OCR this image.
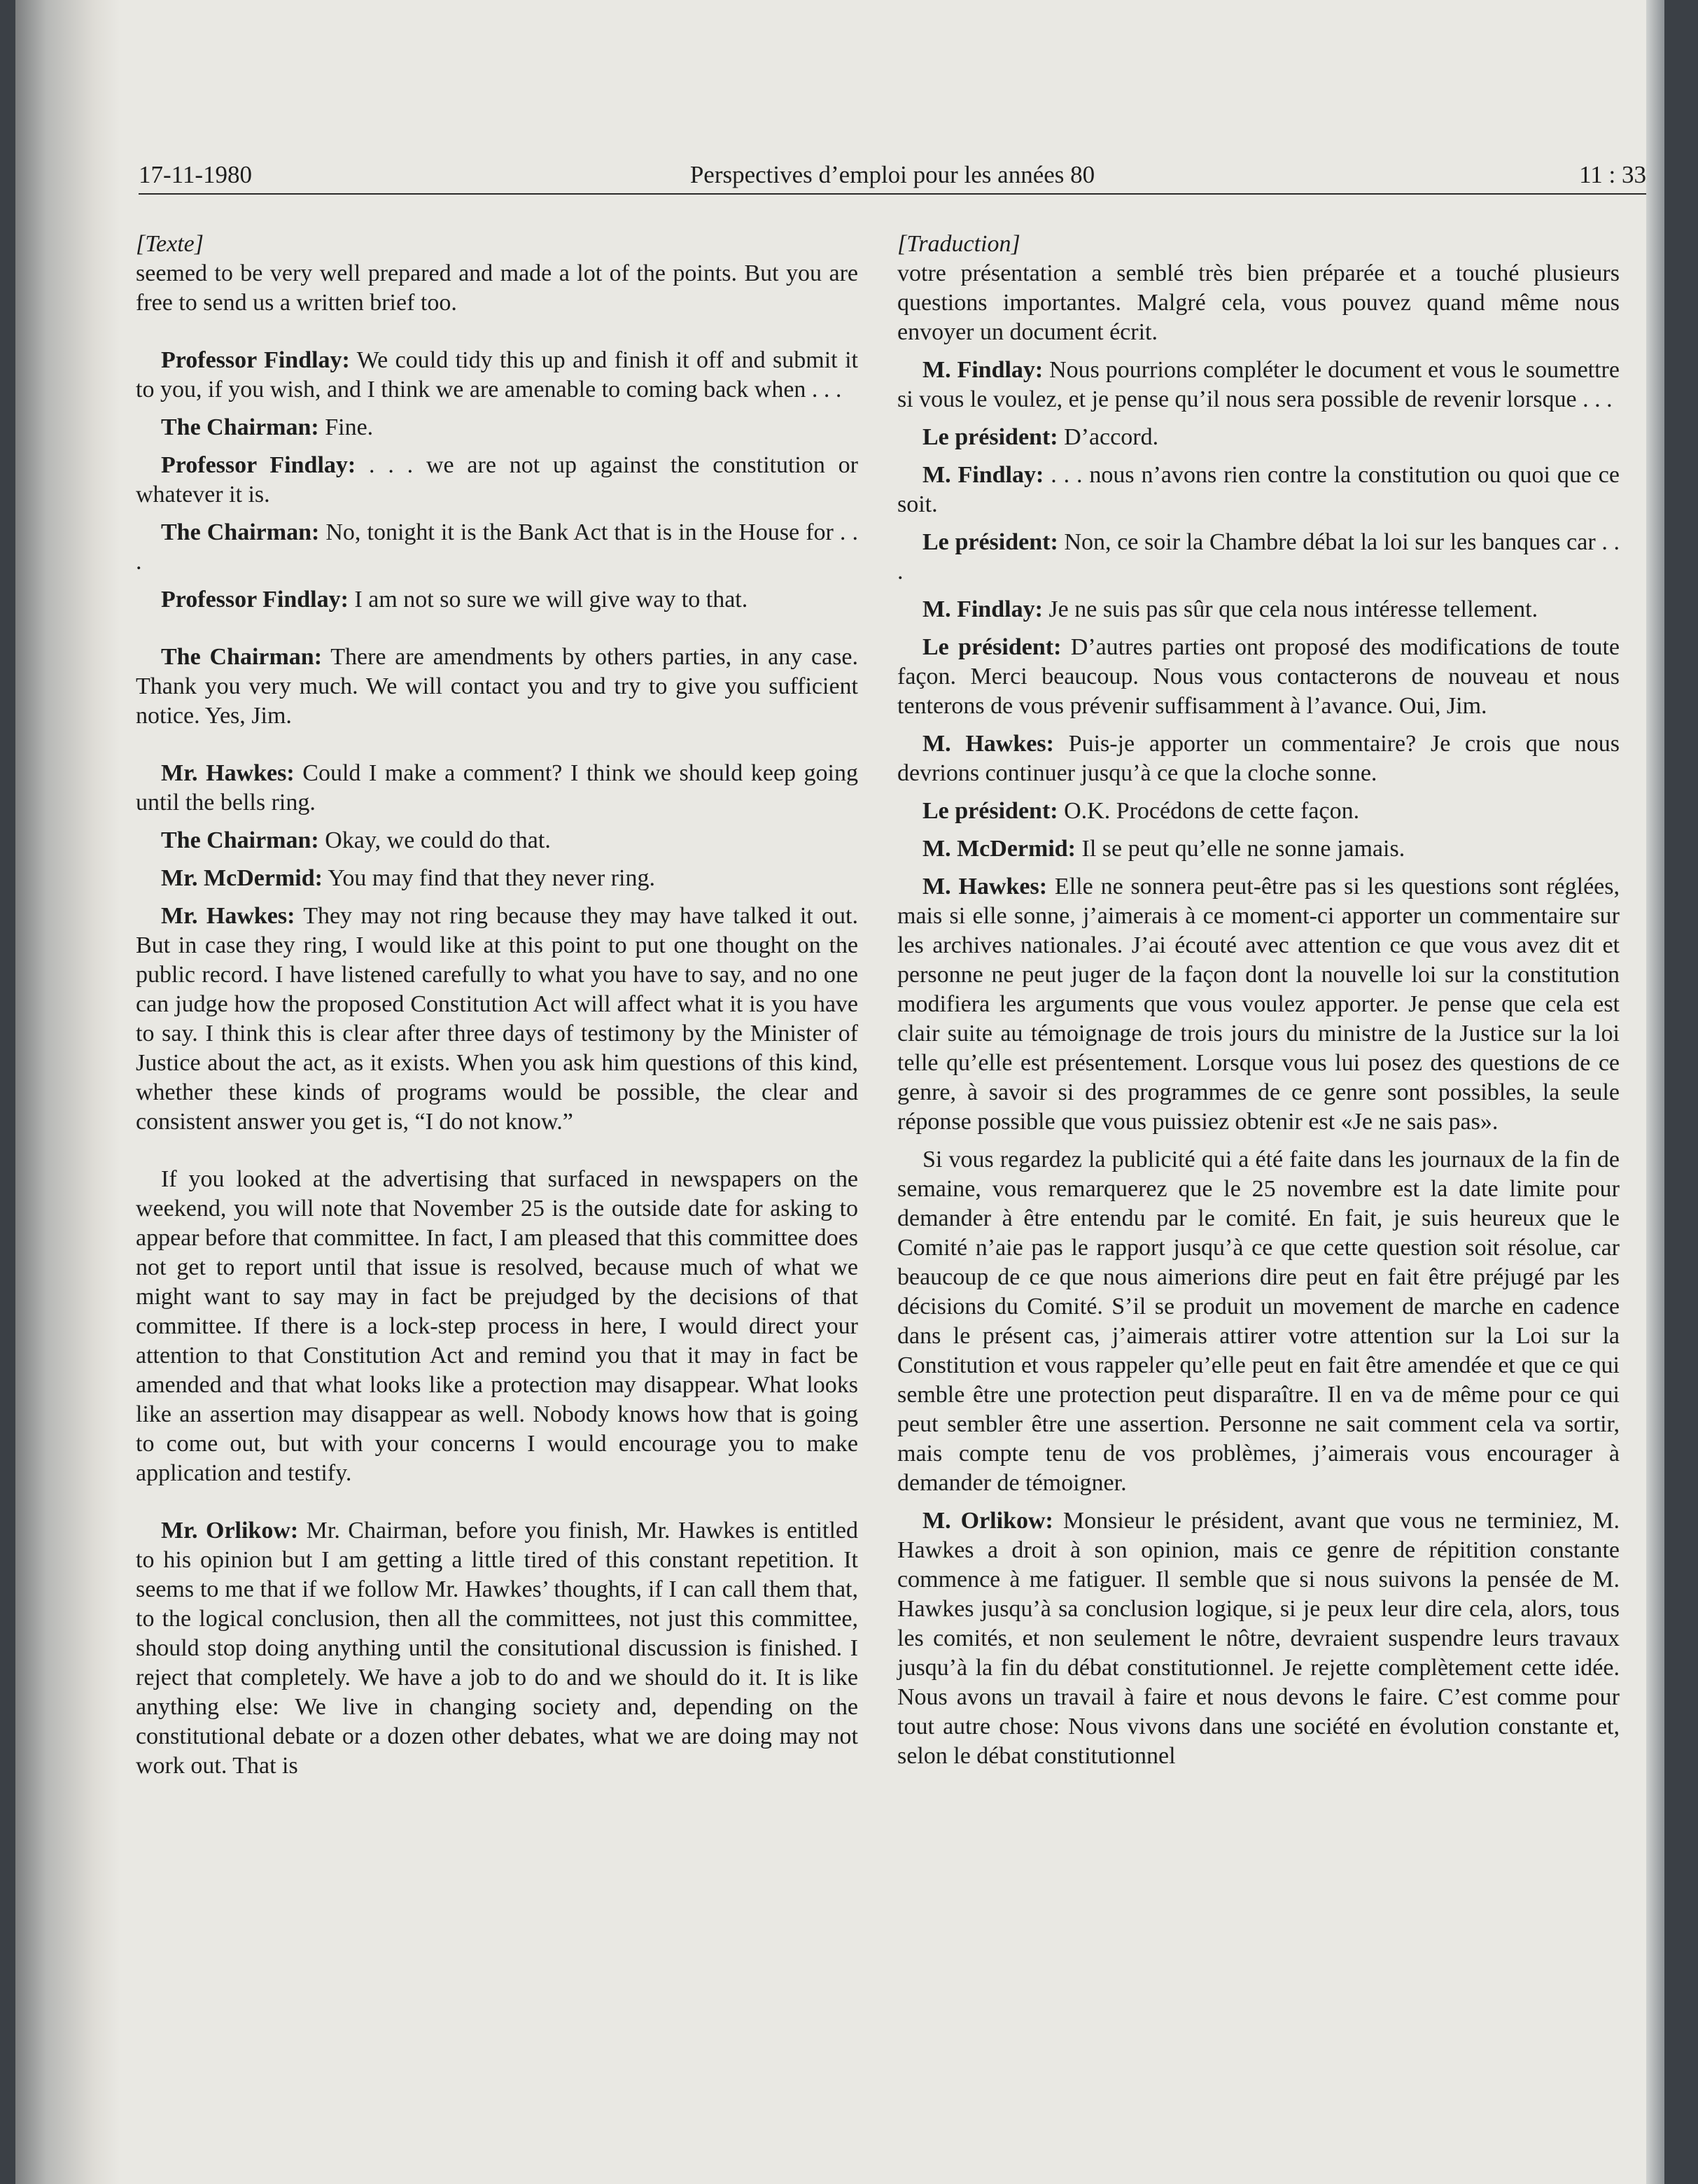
17-11-1980	Perspectives d’emploi pour les années 80	11 : 33

[Texte]

seemed to be very well prepared and made a lot of the points. But you are free to send us a written brief too.

Professor Findlay: We could tidy this up and finish it off and submit it to you, if you wish, and I think we are amenable to coming back when . . .

The Chairman: Fine.

Professor Findlay: . . . we are not up against the constitution or whatever it is.

The Chairman: No, tonight it is the Bank Act that is in the House for . . .

Professor Findlay: I am not so sure we will give way to that.

The Chairman: There are amendments by others parties, in any case. Thank you very much. We will contact you and try to give you sufficient notice. Yes, Jim.

Mr. Hawkes: Could I make a comment? I think we should keep going until the bells ring.

The Chairman: Okay, we could do that.

Mr. McDermid: You may find that they never ring.

Mr. Hawkes: They may not ring because they may have talked it out. But in case they ring, I would like at this point to put one thought on the public record. I have listened carefully to what you have to say, and no one can judge how the proposed Constitution Act will affect what it is you have to say. I think this is clear after three days of testimony by the Minister of Justice about the act, as it exists. When you ask him questions of this kind, whether these kinds of programs would be possible, the clear and consistent answer you get is, “I do not know.”

If you looked at the advertising that surfaced in newspapers on the weekend, you will note that November 25 is the outside date for asking to appear before that committee. In fact, I am pleased that this committee does not get to report until that issue is resolved, because much of what we might want to say may in fact be prejudged by the decisions of that committee. If there is a lock-step process in here, I would direct your attention to that Constitution Act and remind you that it may in fact be amended and that what looks like a protection may disappear. What looks like an assertion may disappear as well. Nobody knows how that is going to come out, but with your concerns I would encourage you to make application and testify.

Mr. Orlikow: Mr. Chairman, before you finish, Mr. Hawkes is entitled to his opinion but I am getting a little tired of this constant repetition. It seems to me that if we follow Mr. Hawkes’ thoughts, if I can call them that, to the logical conclusion, then all the committees, not just this committee, should stop doing anything until the consitutional discussion is finished. I reject that completely. We have a job to do and we should do it. It is like anything else: We live in changing society and, depending on the constitutional debate or a dozen other debates, what we are doing may not work out. That is

[Traduction]

votre présentation a semblé très bien préparée et a touché plusieurs questions importantes. Malgré cela, vous pouvez quand même nous envoyer un document écrit.

M. Findlay: Nous pourrions compléter le document et vous le soumettre si vous le voulez, et je pense qu’il nous sera possible de revenir lorsque . . .

Le président: D’accord.

M. Findlay: . . . nous n’avons rien contre la constitution ou quoi que ce soit.

Le président: Non, ce soir la Chambre débat la loi sur les banques car . . .

M. Findlay: Je ne suis pas sûr que cela nous intéresse tellement.

Le président: D’autres parties ont proposé des modifications de toute façon. Merci beaucoup. Nous vous contacterons de nouveau et nous tenterons de vous prévenir suffisamment à l’avance. Oui, Jim.

M. Hawkes: Puis-je apporter un commentaire? Je crois que nous devrions continuer jusqu’à ce que la cloche sonne.

Le président: O.K. Procédons de cette façon.

M. McDermid: Il se peut qu’elle ne sonne jamais.

M. Hawkes: Elle ne sonnera peut-être pas si les questions sont réglées, mais si elle sonne, j’aimerais à ce moment-ci apporter un commentaire sur les archives nationales. J’ai écouté avec attention ce que vous avez dit et personne ne peut juger de la façon dont la nouvelle loi sur la constitution modifiera les arguments que vous voulez apporter. Je pense que cela est clair suite au témoignage de trois jours du ministre de la Justice sur la loi telle qu’elle est présentement. Lorsque vous lui posez des questions de ce genre, à savoir si des programmes de ce genre sont possibles, la seule réponse possible que vous puissiez obtenir est «Je ne sais pas».

Si vous regardez la publicité qui a été faite dans les journaux de la fin de semaine, vous remarquerez que le 25 novembre est la date limite pour demander à être entendu par le comité. En fait, je suis heureux que le Comité n’aie pas le rapport jusqu’à ce que cette question soit résolue, car beaucoup de ce que nous aimerions dire peut en fait être préjugé par les décisions du Comité. S’il se produit un movement de marche en cadence dans le présent cas, j’aimerais attirer votre attention sur la Loi sur la Constitution et vous rappeler qu’elle peut en fait être amendée et que ce qui semble être une protection peut disparaître. Il en va de même pour ce qui peut sembler être une assertion. Personne ne sait comment cela va sortir, mais compte tenu de vos problèmes, j’aimerais vous encourager à demander de témoigner.

M. Orlikow: Monsieur le président, avant que vous ne terminiez, M. Hawkes a droit à son opinion, mais ce genre de répitition constante commence à me fatiguer. Il semble que si nous suivons la pensée de M. Hawkes jusqu’à sa conclusion logique, si je peux leur dire cela, alors, tous les comités, et non seulement le nôtre, devraient suspendre leurs travaux jusqu’à la fin du débat constitutionnel. Je rejette complètement cette idée. Nous avons un travail à faire et nous devons le faire. C’est comme pour tout autre chose: Nous vivons dans une société en évolution constante et, selon le débat constitutionnel
